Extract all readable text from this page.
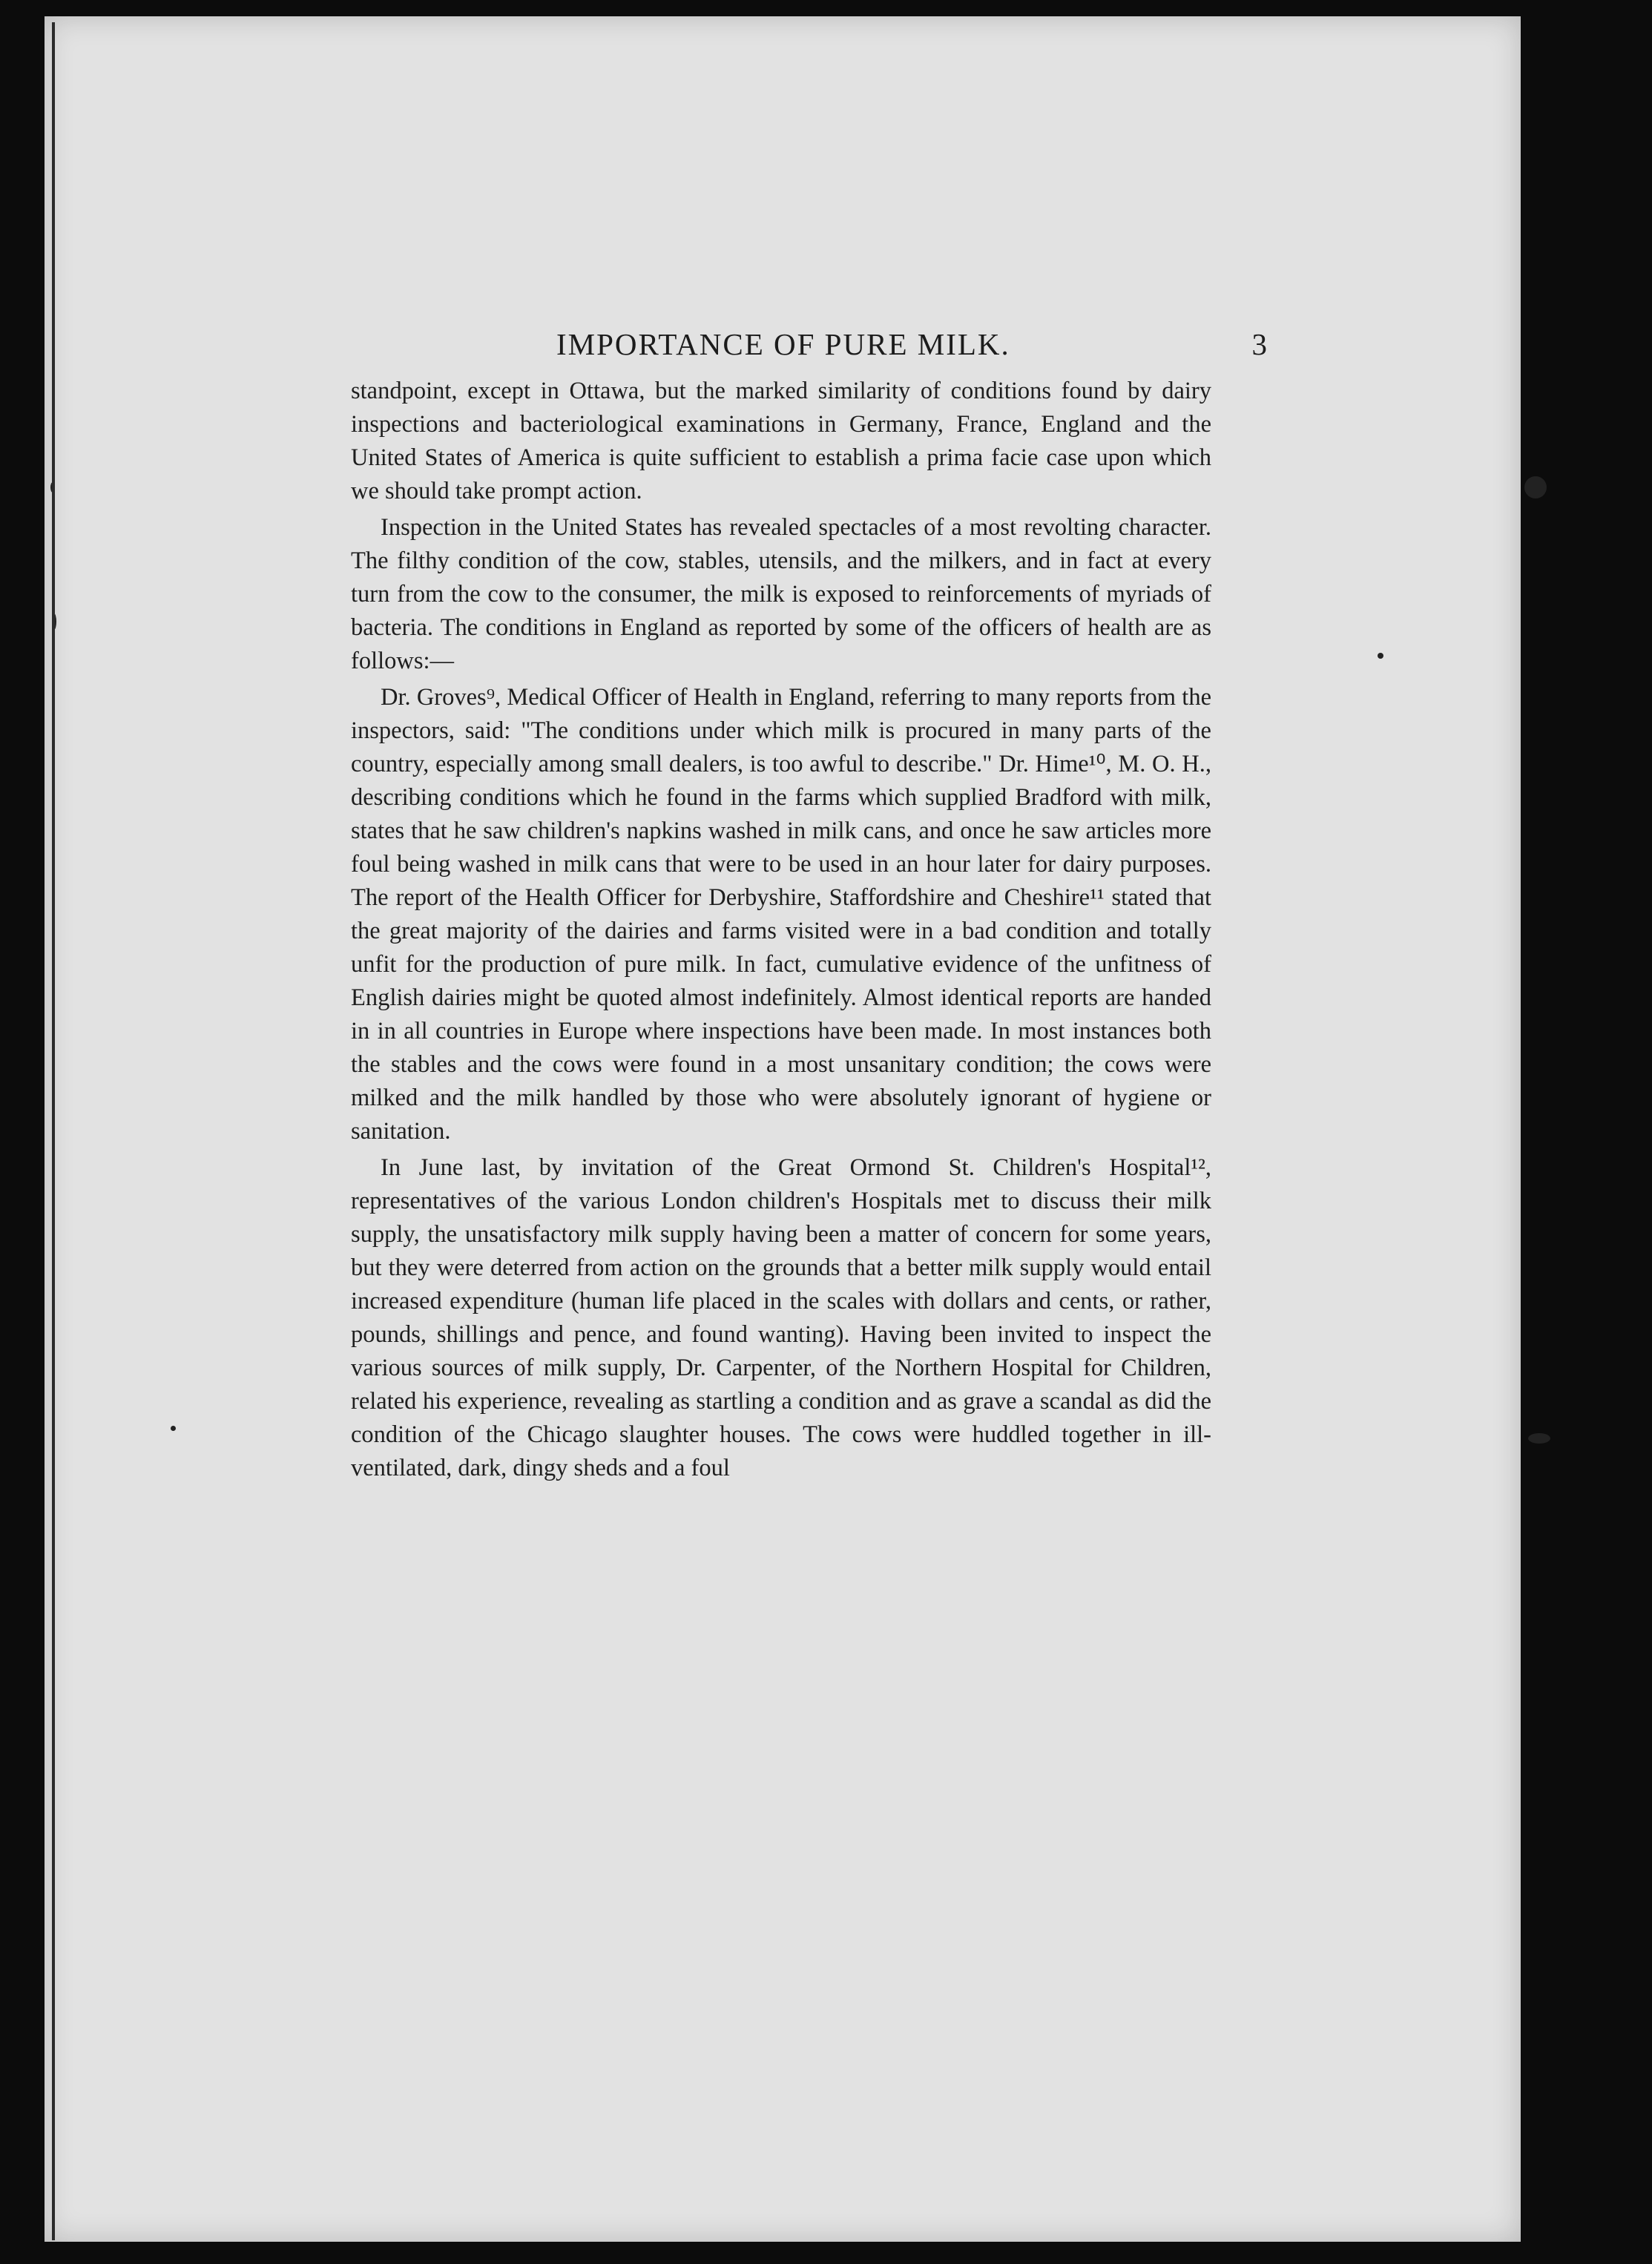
IMPORTANCE OF PURE MILK.	3

standpoint, except in Ottawa, but the marked similarity of conditions found by dairy inspections and bacteriological examinations in Germany, France, England and the United States of America is quite sufficient to establish a prima facie case upon which we should take prompt action.

Inspection in the United States has revealed spectacles of a most revolting character. The filthy condition of the cow, stables, utensils, and the milkers, and in fact at every turn from the cow to the consumer, the milk is exposed to reinforcements of myriads of bacteria. The conditions in England as reported by some of the officers of health are as follows:—

Dr. Groves⁹, Medical Officer of Health in England, referring to many reports from the inspectors, said: "The conditions under which milk is procured in many parts of the country, especially among small dealers, is too awful to describe." Dr. Hime¹⁰, M. O. H., describing conditions which he found in the farms which supplied Bradford with milk, states that he saw children's napkins washed in milk cans, and once he saw articles more foul being washed in milk cans that were to be used in an hour later for dairy purposes. The report of the Health Officer for Derbyshire, Staffordshire and Cheshire¹¹ stated that the great majority of the dairies and farms visited were in a bad condition and totally unfit for the production of pure milk. In fact, cumulative evidence of the unfitness of English dairies might be quoted almost indefinitely. Almost identical reports are handed in in all countries in Europe where inspections have been made. In most instances both the stables and the cows were found in a most unsanitary condition; the cows were milked and the milk handled by those who were absolutely ignorant of hygiene or sanitation.

In June last, by invitation of the Great Ormond St. Children's Hospital¹², representatives of the various London children's Hospitals met to discuss their milk supply, the unsatisfactory milk supply having been a matter of concern for some years, but they were deterred from action on the grounds that a better milk supply would entail increased expenditure (human life placed in the scales with dollars and cents, or rather, pounds, shillings and pence, and found wanting). Having been invited to inspect the various sources of milk supply, Dr. Carpenter, of the Northern Hospital for Children, related his experience, revealing as startling a condition and as grave a scandal as did the condition of the Chicago slaughter houses. The cows were huddled together in ill-ventilated, dark, dingy sheds and a foul
